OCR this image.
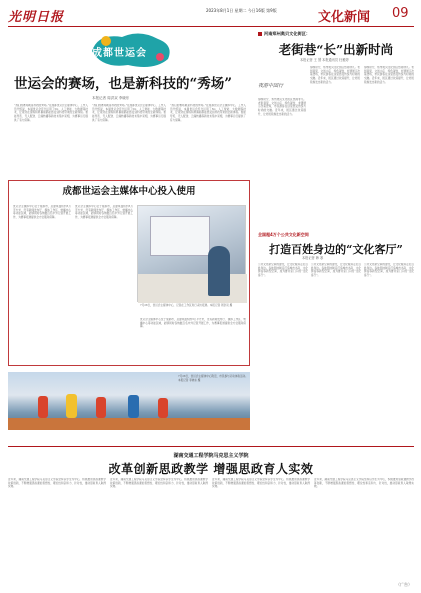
光明日报	2023年8月1日 星期二 今日16版 第9版	文化新闻 09
成都世运会
世运会的赛场，也是新科技的“秀场”
本报记者 周洪双 李晓东

“我们的赛场就是科技的秀场。”在成都世运会主媒体中心，工作人员介绍说，本届世运会充分运用了5G、人工智能、大数据等技术，让观众在现场和屏幕前都能感受到科技带来的全新体验。智能导览、无人配送、云端转播等新技术集中亮相，为赛事运行提供了有力保障。

“我们的赛场就是科技的秀场。”在成都世运会主媒体中心，工作人员介绍说，本届世运会充分运用了5G、人工智能、大数据等技术，让观众在现场和屏幕前都能感受到科技带来的全新体验。智能导览、无人配送、云端转播等新技术集中亮相，为赛事运行提供了有力保障。

“我们的赛场就是科技的秀场。”在成都世运会主媒体中心，工作人员介绍说，本届世运会充分运用了5G、人工智能、大数据等技术，让观众在现场和屏幕前都能感受到科技带来的全新体验。智能导览、无人配送、云端转播等新技术集中亮相，为赛事运行提供了有力保障。

成都世运会主媒体中心投入使用

世运会主媒体中心位于成都市，总建筑面积约3万平方米，设有新闻发布厅、媒体工作区、转播中心等功能区域，能够同时容纳数百名中外记者开展工作，为赛事报道提供全方位服务保障。

世运会主媒体中心位于成都市，总建筑面积约3万平方米，设有新闻发布厅、媒体工作区、转播中心等功能区域，能够同时容纳数百名中外记者开展工作，为赛事报道提供全方位服务保障。

7月28日，世运会主媒体中心，记者在工作区进行采访报道。本报记者 周洪双 摄

世运会主媒体中心位于成都市，总建筑面积约3万平方米，设有新闻发布厅、媒体工作区、转播中心等功能区域，能够同时容纳数百名中外记者开展工作，为赛事报道提供全方位服务保障。

7月28日，世运会主媒体中心附近，市民参与运动体验活动。本报记者 李晓东 摄
河南郑州奥贝文化街区：
老街巷“长”出新时尚
本报记者 王 慧 本报通讯员 杜雅婷
夜游中国行

傍晚时分，郑州奥贝文化街区热闹非凡。老街巷里，文创小店、特色餐饮、非遗展示次第登场，市民游客在这里感受传统与时尚的交融。近年来，街区通过改造提升，让老街巷焕发出新的活力。

傍晚时分，郑州奥贝文化街区热闹非凡。老街巷里，文创小店、特色餐饮、非遗展示次第登场，市民游客在这里感受传统与时尚的交融。近年来，街区通过改造提升，让老街巷焕发出新的活力。

傍晚时分，郑州奥贝文化街区热闹非凡。老街巷里，文创小店、特色餐饮、非遗展示次第登场，市民游客在这里感受传统与时尚的交融。近年来，街区通过改造提升，让老街巷焕发出新的活力。

全国超4万个公共文化新空间
打造百姓身边的“文化客厅”
本报记者 韩 寒

公共文化新空间的建设，让文化服务走近百姓身边。各地因地制宜打造城市书房、文化驿站等新型空间，成为群众家门口的“文化客厅”。

公共文化新空间的建设，让文化服务走近百姓身边。各地因地制宜打造城市书房、文化驿站等新型空间，成为群众家门口的“文化客厅”。

公共文化新空间的建设，让文化服务走近百姓身边。各地因地制宜打造城市书房、文化驿站等新型空间，成为群众家门口的“文化客厅”。

湖南交通工程学院马克思主义学院
改革创新思政教学 增强思政育人实效

近年来，湖南交通工程学院马克思主义学院坚持以学生为中心，积极推进思政课教学改革创新，不断增强思政课的思想性、理论性和亲和力、针对性，推动思政育人取得实效。

近年来，湖南交通工程学院马克思主义学院坚持以学生为中心，积极推进思政课教学改革创新，不断增强思政课的思想性、理论性和亲和力、针对性，推动思政育人取得实效。

近年来，湖南交通工程学院马克思主义学院坚持以学生为中心，积极推进思政课教学改革创新，不断增强思政课的思想性、理论性和亲和力、针对性，推动思政育人取得实效。

近年来，湖南交通工程学院马克思主义学院坚持以学生为中心，积极推进思政课教学改革创新，不断增强思政课的思想性、理论性和亲和力、针对性，推动思政育人取得实效。

（广告）
